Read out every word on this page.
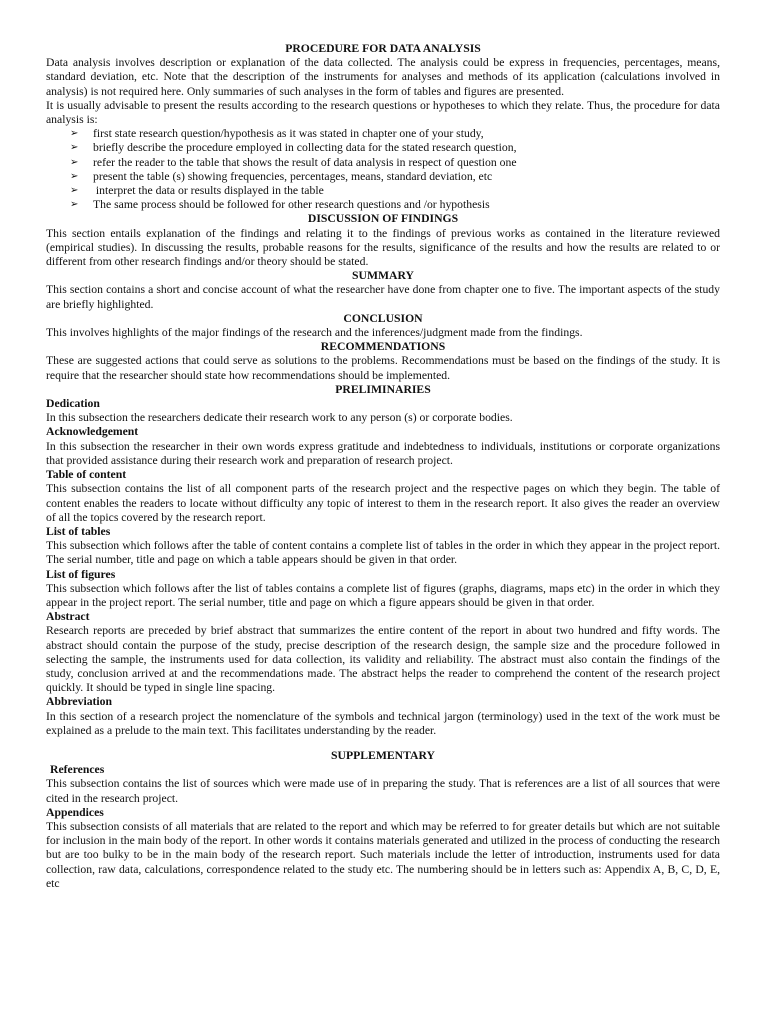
PROCEDURE FOR DATA ANALYSIS

Data analysis involves description or explanation of the data collected. The analysis could be express in frequencies, percentages, means, standard deviation, etc. Note that the description of the instruments for analyses and methods of its application (calculations involved in analysis) is not required here. Only summaries of such analyses in the form of tables and figures are presented.

It is usually advisable to present the results according to the research questions or hypotheses to which they relate. Thus, the procedure for data analysis is:

➢ first state research question/hypothesis as it was stated in chapter one of your study,
➢ briefly describe the procedure employed in collecting data for the stated research question,
➢ refer the reader to the table that shows the result of data analysis in respect of question one
➢ present the table (s) showing frequencies, percentages, means, standard deviation, etc
➢ interpret the data or results displayed in the table
➢ The same process should be followed for other research questions and /or hypothesis
DISCUSSION OF FINDINGS

This section entails explanation of the findings and relating it to the findings of previous works as contained in the literature reviewed (empirical studies). In discussing the results, probable reasons for the results, significance of the results and how the results are related to or different from other research findings and/or theory should be stated.

SUMMARY

This section contains a short and concise account of what the researcher have done from chapter one to five. The important aspects of the study are briefly highlighted.

CONCLUSION

This involves highlights of the major findings of the research and the inferences/judgment made from the findings.

RECOMMENDATIONS

These are suggested actions that could serve as solutions to the problems. Recommendations must be based on the findings of the study. It is require that the researcher should state how recommendations should be implemented.

PRELIMINARIES
Dedication

In this subsection the researchers dedicate their research work to any person (s) or corporate bodies.

Acknowledgement

In this subsection the researcher in their own words express gratitude and indebtedness to individuals, institutions or corporate organizations that provided assistance during their research work and preparation of research project.

Table of content

This subsection contains the list of all component parts of the research project and the respective pages on which they begin. The table of content enables the readers to locate without difficulty any topic of interest to them in the research report. It also gives the reader an overview of all the topics covered by the research report.

List of tables

This subsection which follows after the table of content contains a complete list of tables in the order in which they appear in the project report. The serial number, title and page on which a table appears should be given in that order.

List of figures

This subsection which follows after the list of tables contains a complete list of figures (graphs, diagrams, maps etc) in the order in which they appear in the project report. The serial number, title and page on which a figure appears should be given in that order.

Abstract

Research reports are preceded by brief abstract that summarizes the entire content of the report in about two hundred and fifty words. The abstract should contain the purpose of the study, precise description of the research design, the sample size and the procedure followed in selecting the sample, the instruments used for data collection, its validity and reliability. The abstract must also contain the findings of the study, conclusion arrived at and the recommendations made. The abstract helps the reader to comprehend the content of the research project quickly. It should be typed in single line spacing.

Abbreviation

In this section of a research project the nomenclature of the symbols and technical jargon (terminology) used in the text of the work must be explained as a prelude to the main text. This facilitates understanding by the reader.

SUPPLEMENTARY
References

This subsection contains the list of sources which were made use of in preparing the study. That is references are a list of all sources that were cited in the research project.

Appendices

This subsection consists of all materials that are related to the report and which may be referred to for greater details but which are not suitable for inclusion in the main body of the report. In other words it contains materials generated and utilized in the process of conducting the research but are too bulky to be in the main body of the research report. Such materials include the letter of introduction, instruments used for data collection, raw data, calculations, correspondence related to the study etc. The numbering should be in letters such as: Appendix A, B, C, D, E, etc
